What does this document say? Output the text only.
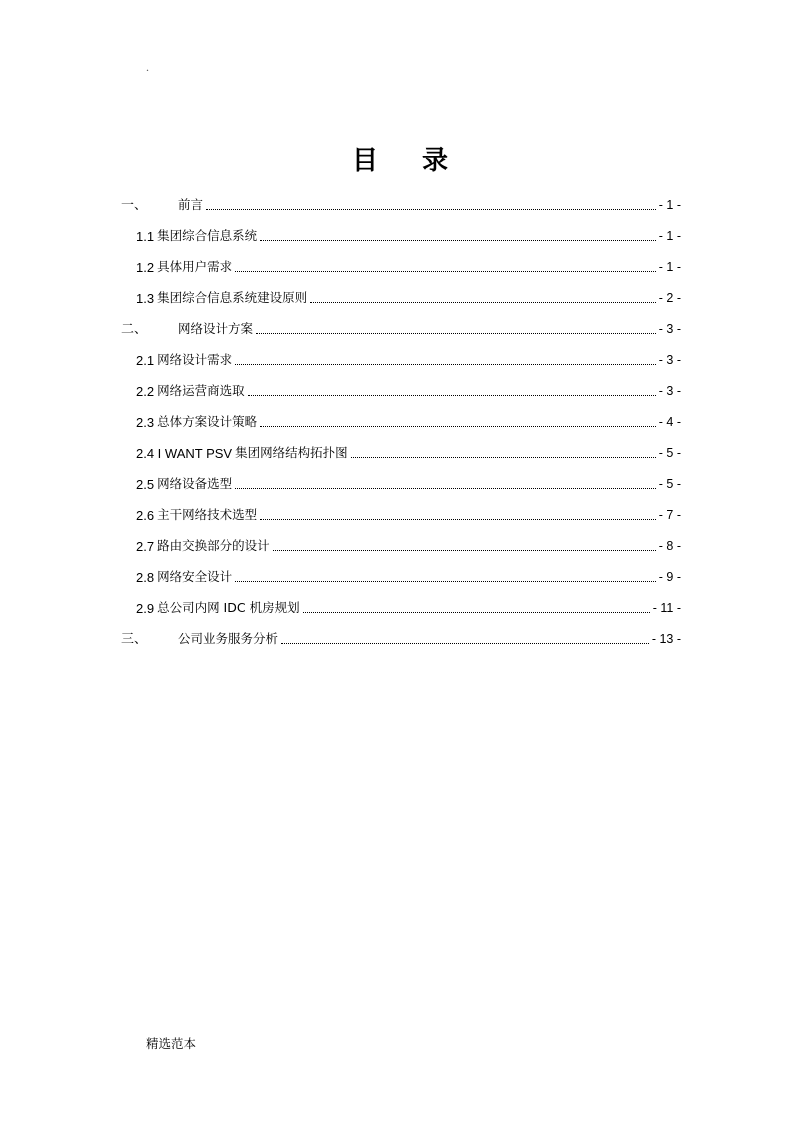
.
目 录
一、	前言	- 1 -
1.1 集团综合信息系统	- 1 -
1.2 具体用户需求	- 1 -
1.3 集团综合信息系统建设原则	- 2 -
二、	网络设计方案	- 3 -
2.1 网络设计需求	- 3 -
2.2 网络运营商选取	- 3 -
2.3 总体方案设计策略	- 4 -
2.4 I WANT PSV 集团网络结构拓扑图	- 5 -
2.5 网络设备选型	- 5 -
2.6 主干网络技术选型	- 7 -
2.7 路由交换部分的设计	- 8 -
2.8 网络安全设计	- 9 -
2.9 总公司内网 IDC 机房规划	- 11 -
三、	公司业务服务分析	- 13 -
精选范本
